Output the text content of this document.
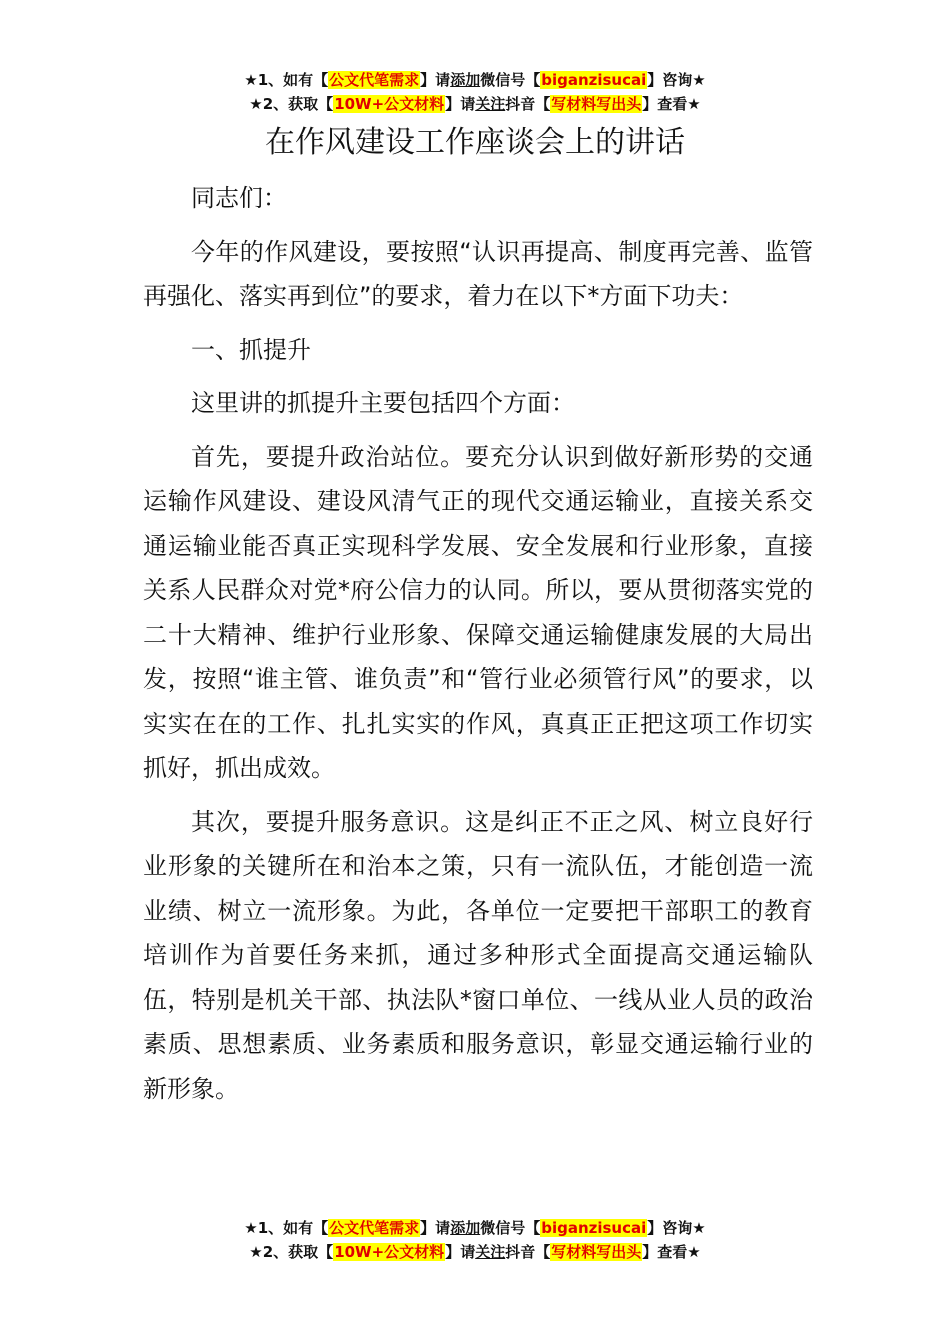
★1、如有【公文代笔需求】请添加微信号【biganzisucai】咨询★
★2、获取【10W+公文材料】请关注抖音【写材料写出头】查看★
在作风建设工作座谈会上的讲话

同志们：

今年的作风建设，要按照“认识再提高、制度再完善、监管再强化、落实再到位”的要求，着力在以下*方面下功夫：

一、抓提升

这里讲的抓提升主要包括四个方面：

首先，要提升政治站位。要充分认识到做好新形势的交通运输作风建设、建设风清气正的现代交通运输业，直接关系交通运输业能否真正实现科学发展、安全发展和行业形象，直接关系人民群众对党*府公信力的认同。所以，要从贯彻落实党的二十大精神、维护行业形象、保障交通运输健康发展的大局出发，按照“谁主管、谁负责”和“管行业必须管行风”的要求，以实实在在的工作、扎扎实实的作风，真真正正把这项工作切实抓好，抓出成效。

其次，要提升服务意识。这是纠正不正之风、树立良好行业形象的关键所在和治本之策，只有一流队伍，才能创造一流业绩、树立一流形象。为此，各单位一定要把干部职工的教育培训作为首要任务来抓，通过多种形式全面提高交通运输队伍，特别是机关干部、执法队*窗口单位、一线从业人员的政治素质、思想素质、业务素质和服务意识，彰显交通运输行业的新形象。

★1、如有【公文代笔需求】请添加微信号【biganzisucai】咨询★
★2、获取【10W+公文材料】请关注抖音【写材料写出头】查看★
